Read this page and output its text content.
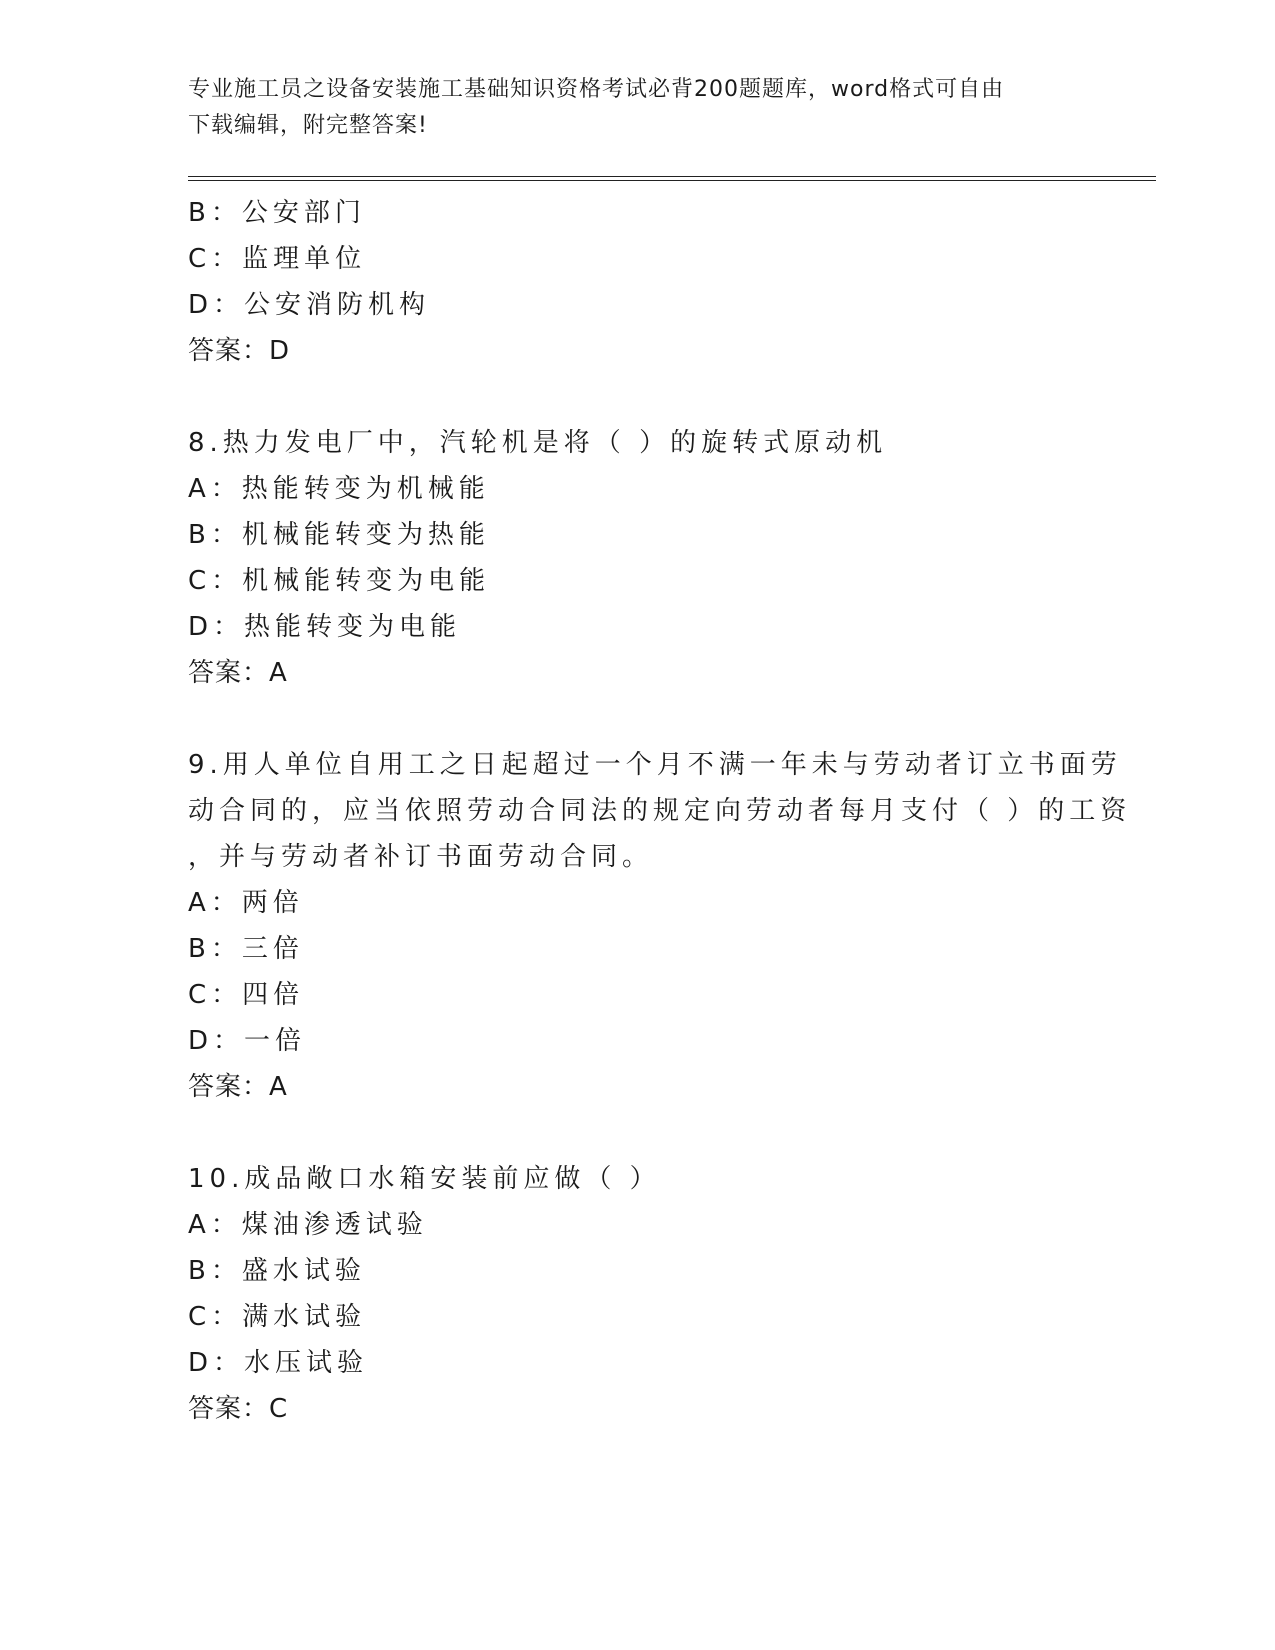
专业施工员之设备安装施工基础知识资格考试必背200题题库，word格式可自由
下载编辑，附完整答案!
B：公安部门
C：监理单位
D：公安消防机构
答案：D
8.热力发电厂中，汽轮机是将（ ）的旋转式原动机
A：热能转变为机械能
B：机械能转变为热能
C：机械能转变为电能
D：热能转变为电能
答案：A
9.用人单位自用工之日起超过一个月不满一年未与劳动者订立书面劳
动合同的，应当依照劳动合同法的规定向劳动者每月支付（ ）的工资
，并与劳动者补订书面劳动合同。
A：两倍
B：三倍
C：四倍
D：一倍
答案：A
10.成品敞口水箱安装前应做（ ）
A：煤油渗透试验
B：盛水试验
C：满水试验
D：水压试验
答案：C
